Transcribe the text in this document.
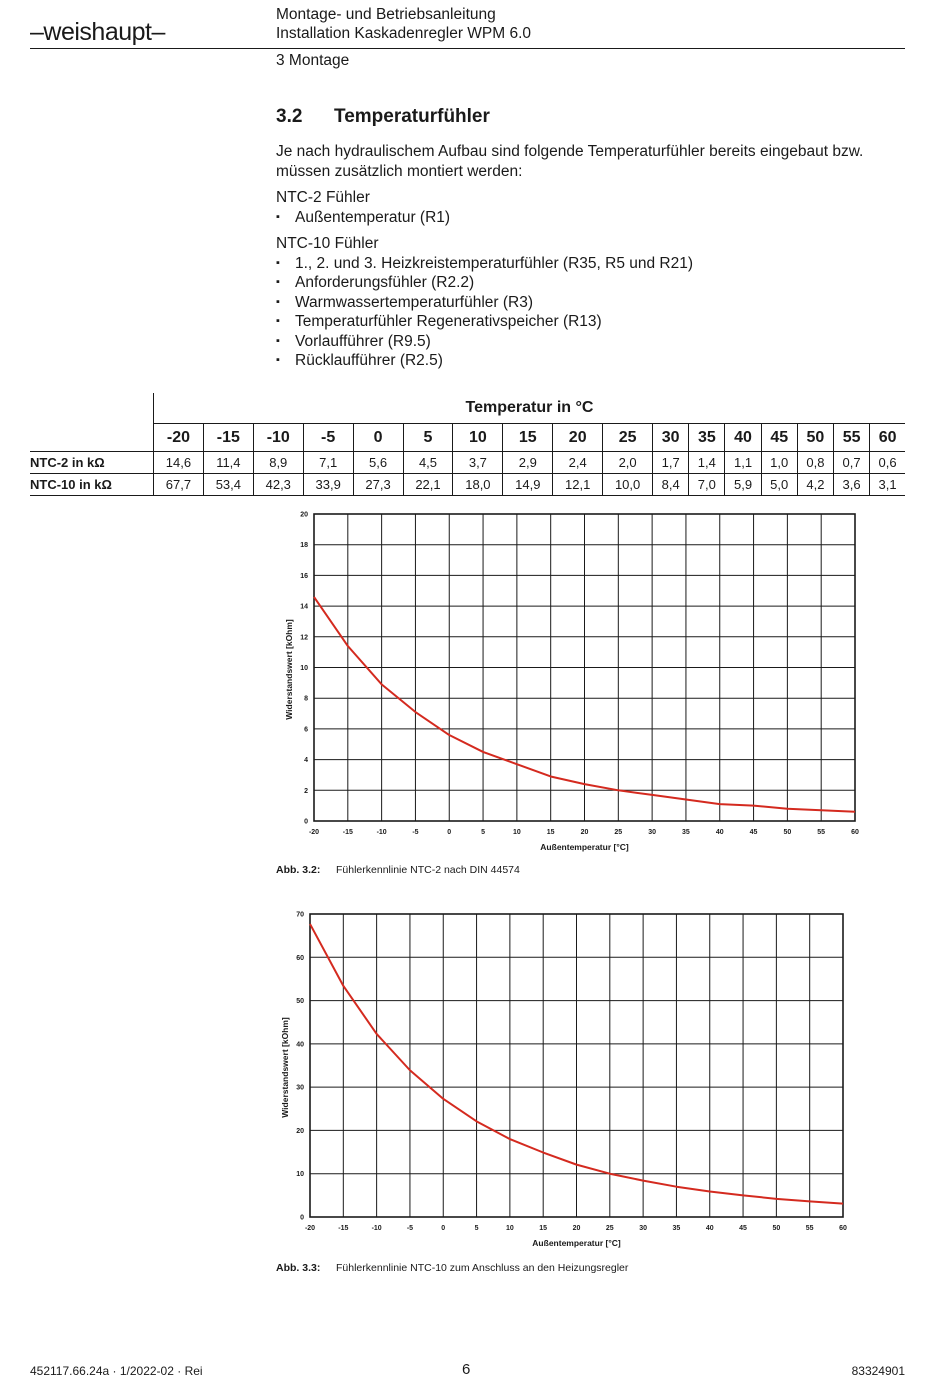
–weishaupt–
Montage- und Betriebsanleitung
Installation Kaskadenregler WPM 6.0
3 Montage
3.2 Temperaturfühler
Je nach hydraulischem Aufbau sind folgende Temperaturfühler bereits eingebaut bzw. müssen zusätzlich montiert werden:
NTC-2 Fühler
▪ Außentemperatur (R1)
NTC-10 Fühler
▪ 1., 2. und 3. Heizkreistemperaturfühler (R35, R5 und R21)
▪ Anforderungsfühler (R2.2)
▪ Warmwassertemperaturfühler (R3)
▪ Temperaturfühler Regenerativspeicher (R13)
▪ Vorlaufführer (R9.5)
▪ Rücklaufführer (R2.5)
	Temperatur in °C																
	-20	-15	-10	-5	0	5	10	15	20	25	30	35	40	45	50	55	60
NTC-2 in kΩ	14,6	11,4	8,9	7,1	5,6	4,5	3,7	2,9	2,4	2,0	1,7	1,4	1,1	1,0	0,8	0,7	0,6
NTC-10 in kΩ	67,7	53,4	42,3	33,9	27,3	22,1	18,0	14,9	12,1	10,0	8,4	7,0	5,9	5,0	4,2	3,6	3,1
-20	-15	-10	-5	0	5	10	15	20	25	30	35	40	45	50	55	60
0
2
4
6
8
10
12
14
16
18
20
Außentemperatur [°C]
Widerstandswert [kOhm]
-20	-15	-10	-5	0	5	10	15	20	25	30	35	40	45	50	55	60
0
10
20
30
40
50
60
70
Außentemperatur [°C]
Widerstandswert [kOhm]
Abb. 3.2: Fühlerkennlinie NTC-2 nach DIN 44574
Abb. 3.3: Fühlerkennlinie NTC-10 zum Anschluss an den Heizungsregler
452117.66.24a · 1/2022-02 · Rei	6	83324901
